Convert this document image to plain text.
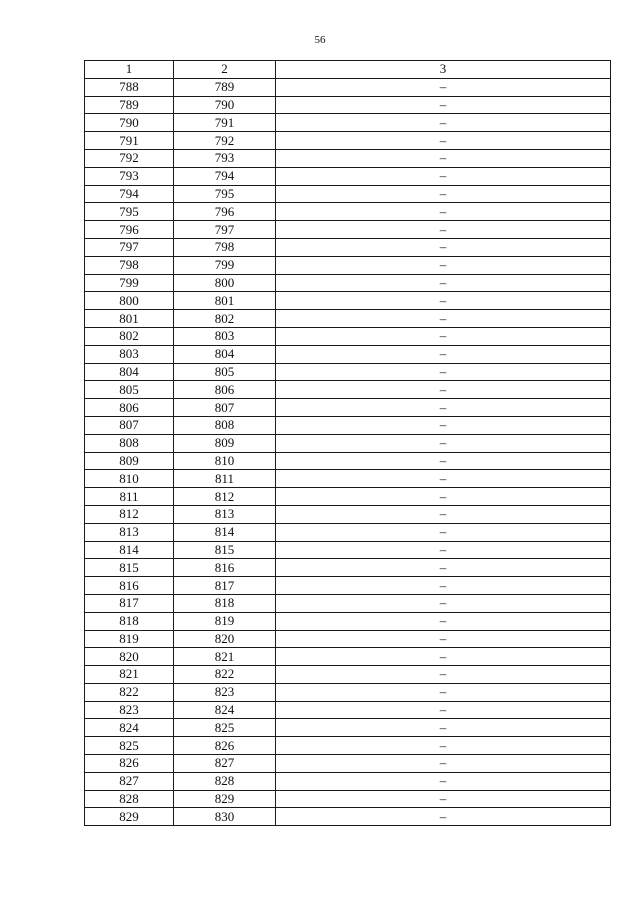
56
1	2	3
788	789	–
789	790	–
790	791	–
791	792	–
792	793	–
793	794	–
794	795	–
795	796	–
796	797	–
797	798	–
798	799	–
799	800	–
800	801	–
801	802	–
802	803	–
803	804	–
804	805	–
805	806	–
806	807	–
807	808	–
808	809	–
809	810	–
810	811	–
811	812	–
812	813	–
813	814	–
814	815	–
815	816	–
816	817	–
817	818	–
818	819	–
819	820	–
820	821	–
821	822	–
822	823	–
823	824	–
824	825	–
825	826	–
826	827	–
827	828	–
828	829	–
829	830	–
